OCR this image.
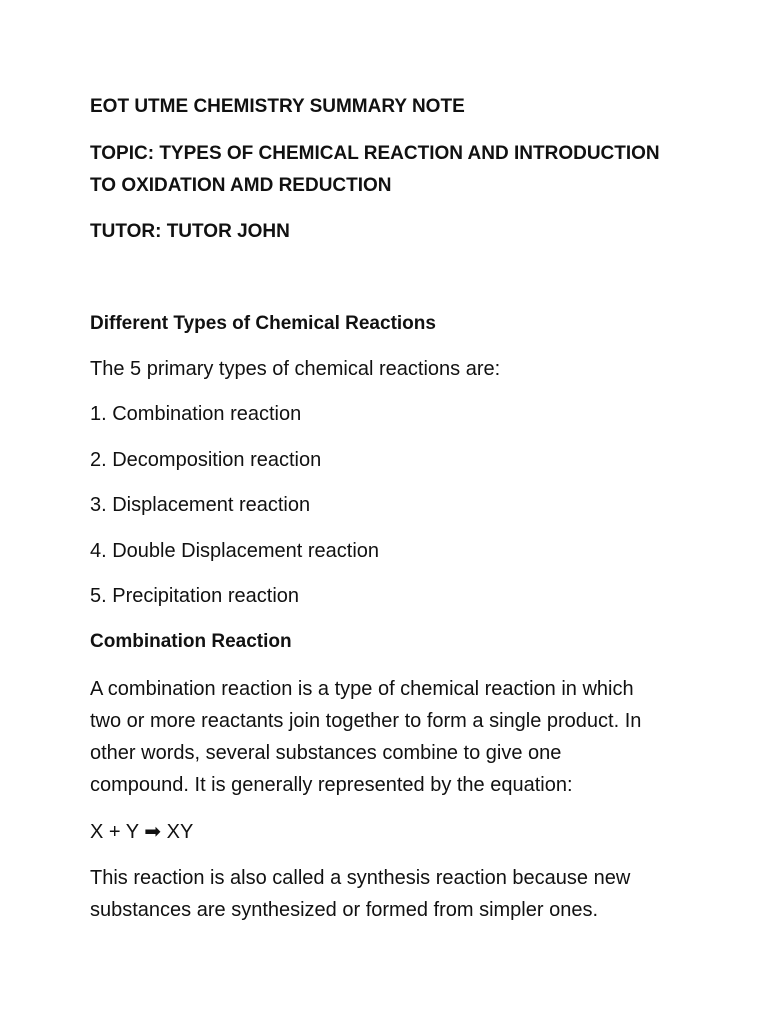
EOT UTME CHEMISTRY SUMMARY NOTE

TOPIC: TYPES OF CHEMICAL REACTION AND INTRODUCTION

TO OXIDATION AMD REDUCTION

TUTOR: TUTOR JOHN

Different Types of Chemical Reactions

The 5 primary types of chemical reactions are:

1. Combination reaction

2. Decomposition reaction

3. Displacement reaction

4. Double Displacement reaction

5. Precipitation reaction

Combination Reaction

A combination reaction is a type of chemical reaction in which
two or more reactants join together to form a single product. In
other words, several substances combine to give one
compound. It is generally represented by the equation:

X + Y ➡ XY

This reaction is also called a synthesis reaction because new
substances are synthesized or formed from simpler ones.
